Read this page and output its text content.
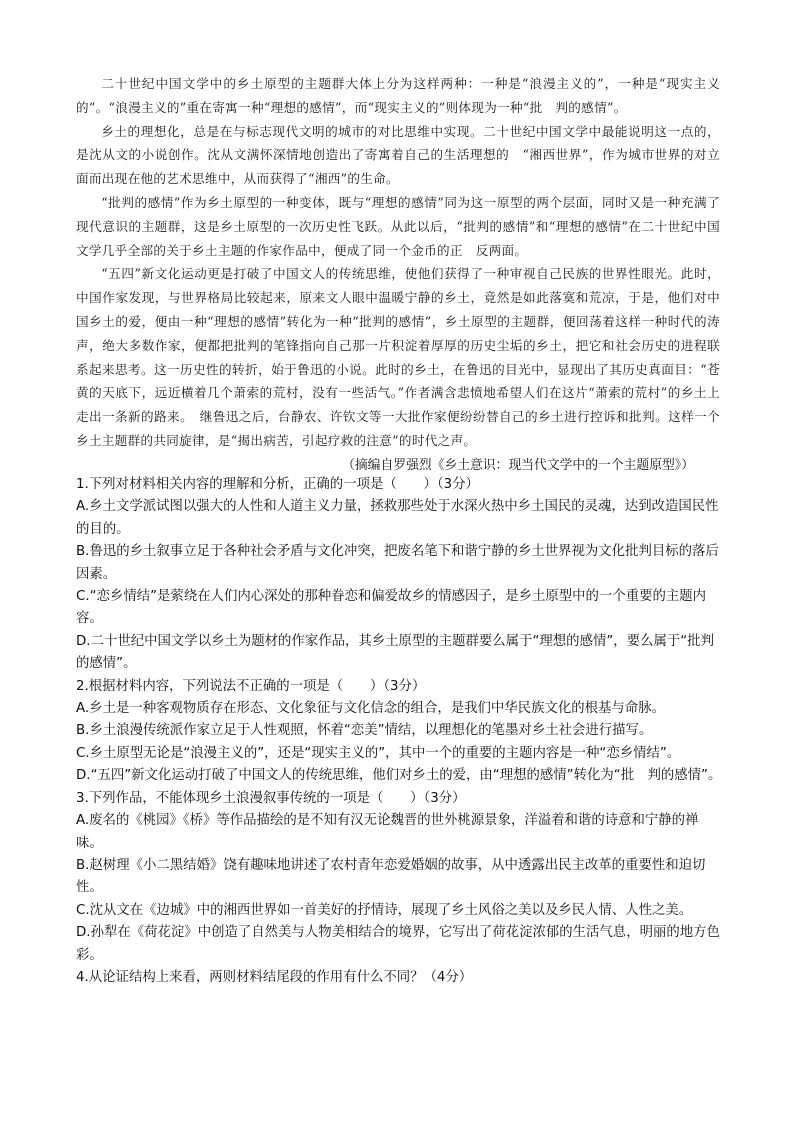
二十世纪中国文学中的乡土原型的主题群大体上分为这样两种：一种是“浪漫主义的”，一种是“现实主义的”。“浪漫主义的”重在寄寓一种“理想的感情”，而“现实主义的”则体现为一种“批　判的感情”。

乡土的理想化，总是在与标志现代文明的城市的对比思维中实现。二十世纪中国文学中最能说明这一点的，是沈从文的小说创作。沈从文满怀深情地创造出了寄寓着自己的生活理想的　“湘西世界”，作为城市世界的对立面而出现在他的艺术思维中，从而获得了“湘西”的生命。

“批判的感情”作为乡土原型的一种变体，既与“理想的感情”同为这一原型的两个层面，同时又是一种充满了现代意识的主题群，这是乡土原型的一次历史性飞跃。从此以后，“批判的感情”和“理想的感情”在二十世纪中国文学几乎全部的关于乡土主题的作家作品中，便成了同一个金币的正　反两面。

“五四”新文化运动更是打破了中国文人的传统思维，使他们获得了一种审视自己民族的世界性眼光。此时，中国作家发现，与世界格局比较起来，原来文人眼中温暖宁静的乡土，竟然是如此落寞和荒凉，于是，他们对中国乡土的爱，便由一种“理想的感情”转化为一种“批判的感情”，乡土原型的主题群，便回荡着这样一种时代的涛声，绝大多数作家，便都把批判的笔锋指向自己那一片积淀着厚厚的历史尘垢的乡土，把它和社会历史的进程联系起来思考。这一历史性的转折，始于鲁迅的小说。此时的乡土，在鲁迅的目光中，显现出了其历史真面目：“苍黄的天底下，远近横着几个萧索的荒村，没有一些活气。”作者满含悲愤地希望人们在这片“萧索的荒村”的乡土上走出一条新的路来。　继鲁迅之后，台静农、许钦文等一大批作家便纷纷替自己的乡土进行控诉和批判。这样一个乡土主题群的共同旋律，是“揭出病苦，引起疗救的注意”的时代之声。

（摘编自罗强烈《乡土意识：现当代文学中的一个主题原型》）
1.下列对材料相关内容的理解和分析，正确的一项是（　　）（3分）
A.乡土文学派试图以强大的人性和人道主义力量，拯救那些处于水深火热中乡土国民的灵魂，达到改造国民性的目的。
B.鲁迅的乡土叙事立足于各种社会矛盾与文化冲突，把废名笔下和谐宁静的乡土世界视为文化批判目标的落后因素。
C.“恋乡情结”是萦绕在人们内心深处的那种眷恋和偏爱故乡的情感因子，是乡土原型中的一个重要的主题内容。
D.二十世纪中国文学以乡土为题材的作家作品，其乡土原型的主题群要么属于“理想的感情”，要么属于“批判的感情”。
2.根据材料内容，下列说法不正确的一项是（　　）（3分）
A.乡土是一种客观物质存在形态、文化象征与文化信念的组合，是我们中华民族文化的根基与命脉。
B.乡土浪漫传统派作家立足于人性观照，怀着“恋美”情结，以理想化的笔墨对乡土社会进行描写。
C.乡土原型无论是“浪漫主义的”，还是“现实主义的”，其中一个的重要的主题内容是一种“恋乡情结”。
D.“五四”新文化运动打破了中国文人的传统思维，他们对乡土的爱，由“理想的感情”转化为“批　判的感情”。
3.下列作品，不能体现乡土浪漫叙事传统的一项是（　　）（3分）
A.废名的《桃园》《桥》等作品描绘的是不知有汉无论魏晋的世外桃源景象，洋溢着和谐的诗意和宁静的禅味。
B.赵树理《小二黑结婚》饶有趣味地讲述了农村青年恋爱婚姻的故事，从中透露出民主改革的重要性和迫切性。
C.沈从文在《边城》中的湘西世界如一首美好的抒情诗，展现了乡土风俗之美以及乡民人情、人性之美。
D.孙犁在《荷花淀》中创造了自然美与人物美相结合的境界，它写出了荷花淀浓郁的生活气息，明丽的地方色彩。
4.从论证结构上来看，两则材料结尾段的作用有什么不同？（4分）
